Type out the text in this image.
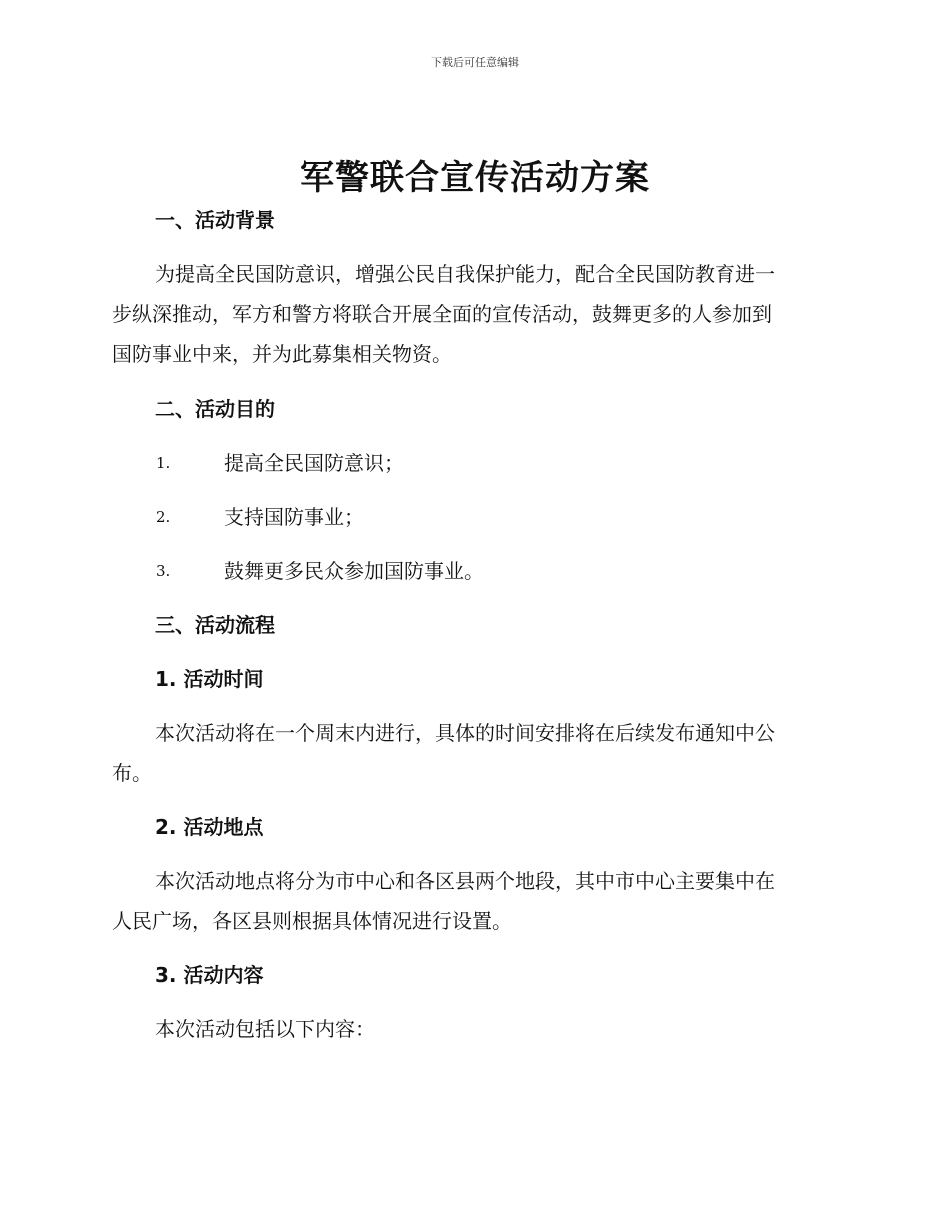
下载后可任意编辑
军警联合宣传活动方案
一、活动背景
为提高全民国防意识，增强公民自我保护能力，配合全民国防教育进一
步纵深推动，军方和警方将联合开展全面的宣传活动，鼓舞更多的人参加到
国防事业中来，并为此募集相关物资。
二、活动目的
1.	提高全民国防意识；
2.	支持国防事业；
3.	鼓舞更多民众参加国防事业。
三、活动流程
1. 活动时间
本次活动将在一个周末内进行，具体的时间安排将在后续发布通知中公
布。
2. 活动地点
本次活动地点将分为市中心和各区县两个地段，其中市中心主要集中在
人民广场，各区县则根据具体情况进行设置。
3. 活动内容
本次活动包括以下内容：
